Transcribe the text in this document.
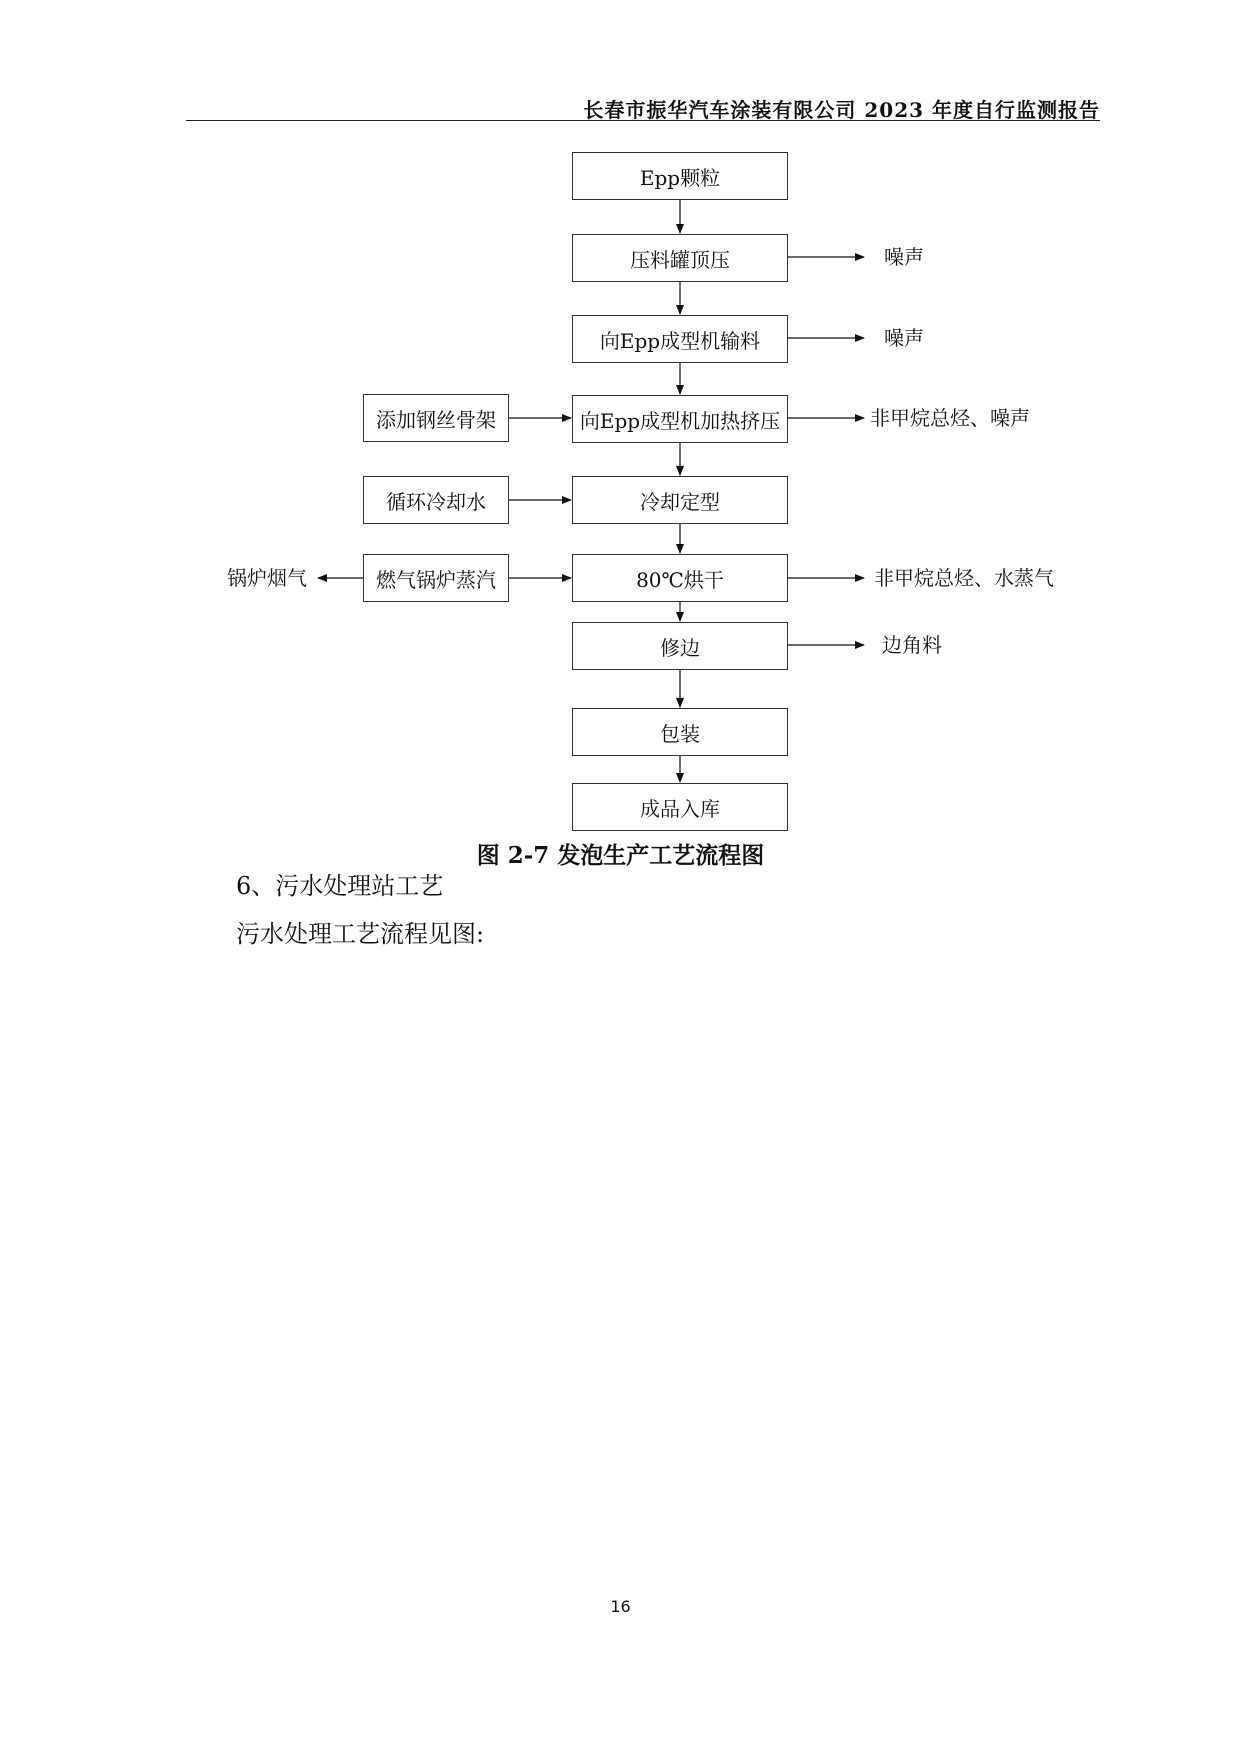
长春市振华汽车涂装有限公司 2023 年度自行监测报告
Epp颗粒
压料罐顶压
向Epp成型机输料
向Epp成型机加热挤压
冷却定型
80℃烘干
修边
包装
成品入库
添加钢丝骨架
循环冷却水
燃气锅炉蒸汽
噪声
噪声
非甲烷总烃、噪声
非甲烷总烃、水蒸气
边角料
锅炉烟气
图 2-7 发泡生产工艺流程图
6、污水处理站工艺
污水处理工艺流程见图:
16
